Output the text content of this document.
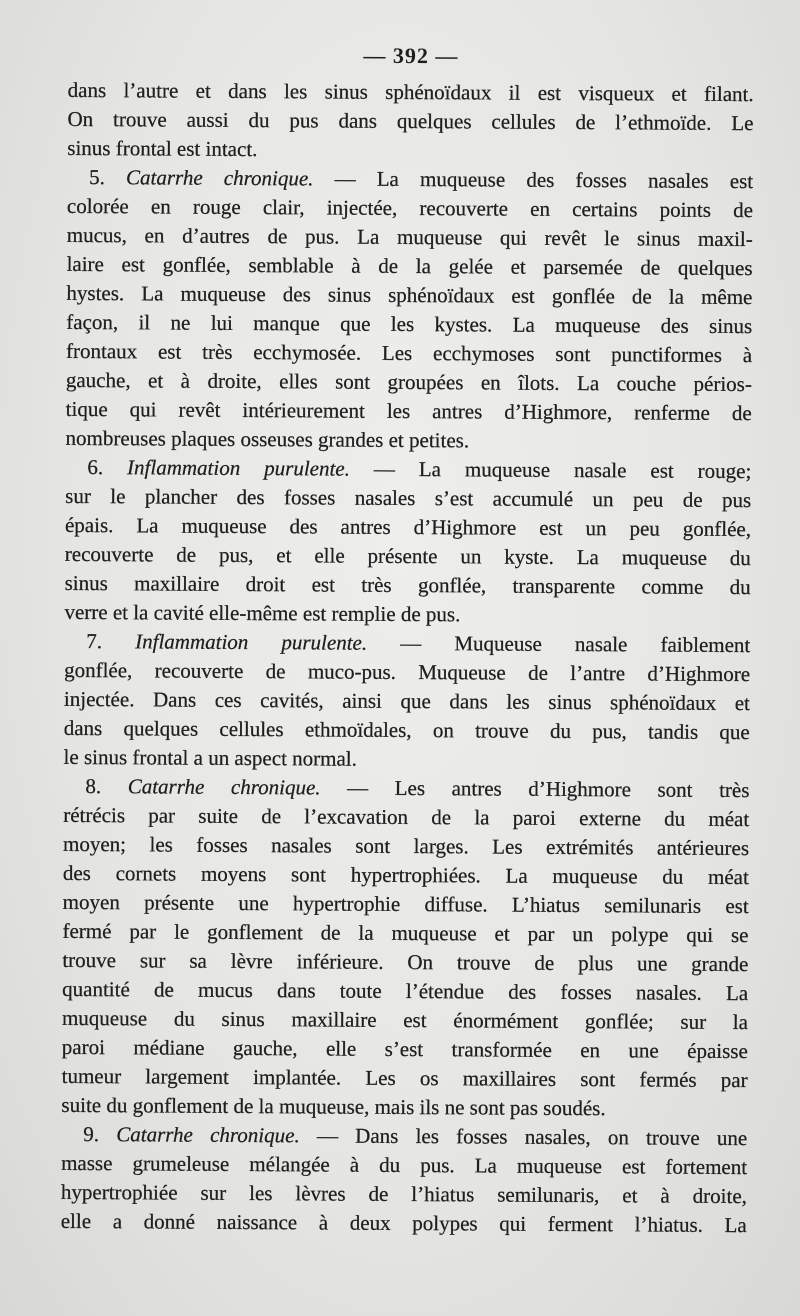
— 392 —
dans l’autre et dans les sinus sphénoïdaux il est visqueux et filant.
On trouve aussi du pus dans quelques cellules de l’ethmoïde. Le
sinus frontal est intact.
5. Catarrhe chronique. — La muqueuse des fosses nasales est
colorée en rouge clair, injectée, recouverte en certains points de
mucus, en d’autres de pus. La muqueuse qui revêt le sinus maxil-
laire est gonflée, semblable à de la gelée et parsemée de quelques
hystes. La muqueuse des sinus sphénoïdaux est gonflée de la même
façon, il ne lui manque que les kystes. La muqueuse des sinus
frontaux est très ecchymosée. Les ecchymoses sont punctiformes à
gauche, et à droite, elles sont groupées en îlots. La couche périos-
tique qui revêt intérieurement les antres d’Highmore, renferme de
nombreuses plaques osseuses grandes et petites.
6. Inflammation purulente. — La muqueuse nasale est rouge;
sur le plancher des fosses nasales s’est accumulé un peu de pus
épais. La muqueuse des antres d’Highmore est un peu gonflée,
recouverte de pus, et elle présente un kyste. La muqueuse du
sinus maxillaire droit est très gonflée, transparente comme du
verre et la cavité elle-même est remplie de pus.
7. Inflammation purulente. — Muqueuse nasale faiblement
gonflée, recouverte de muco-pus. Muqueuse de l’antre d’Highmore
injectée. Dans ces cavités, ainsi que dans les sinus sphénoïdaux et
dans quelques cellules ethmoïdales, on trouve du pus, tandis que
le sinus frontal a un aspect normal.
8. Catarrhe chronique. — Les antres d’Highmore sont très
rétrécis par suite de l’excavation de la paroi externe du méat
moyen; les fosses nasales sont larges. Les extrémités antérieures
des cornets moyens sont hypertrophiées. La muqueuse du méat
moyen présente une hypertrophie diffuse. L’hiatus semilunaris est
fermé par le gonflement de la muqueuse et par un polype qui se
trouve sur sa lèvre inférieure. On trouve de plus une grande
quantité de mucus dans toute l’étendue des fosses nasales. La
muqueuse du sinus maxillaire est énormément gonflée; sur la
paroi médiane gauche, elle s’est transformée en une épaisse
tumeur largement implantée. Les os maxillaires sont fermés par
suite du gonflement de la muqueuse, mais ils ne sont pas soudés.
9. Catarrhe chronique. — Dans les fosses nasales, on trouve une
masse grumeleuse mélangée à du pus. La muqueuse est fortement
hypertrophiée sur les lèvres de l’hiatus semilunaris, et à droite,
elle a donné naissance à deux polypes qui ferment l’hiatus. La
